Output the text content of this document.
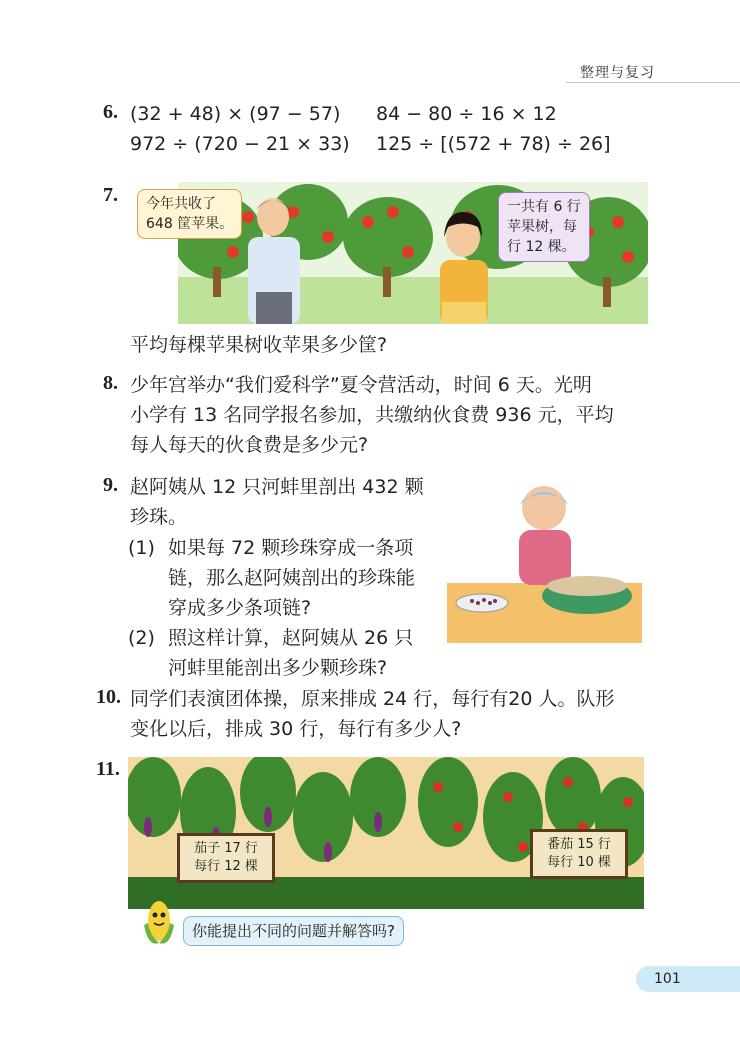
整理与复习
6. (32 + 48) × (97 − 57) 84 − 80 ÷ 16 × 12
972 ÷ (720 − 21 × 33) 125 ÷ [(572 + 78) ÷ 26]
7. 今年共收了
648 筐苹果。
一共有 6 行
苹果树，每
行 12 棵。
平均每棵苹果树收苹果多少筐?
8. 少年宫举办“我们爱科学”夏令营活动，时间 6 天。光明
小学有 13 名同学报名参加，共缴纳伙食费 936 元，平均
每人每天的伙食费是多少元?
9. 赵阿姨从 12 只河蚌里剖出 432 颗
珍珠。
(1) 如果每 72 颗珍珠穿成一条项
链，那么赵阿姨剖出的珍珠能
穿成多少条项链?
(2) 照这样计算，赵阿姨从 26 只
河蚌里能剖出多少颗珍珠?
10. 同学们表演团体操，原来排成 24 行，每行有20 人。队形
变化以后，排成 30 行，每行有多少人?
11.
茄子 17 行
每行 12 棵
番茄 15 行
每行 10 棵
你能提出不同的问题并解答吗?
101
